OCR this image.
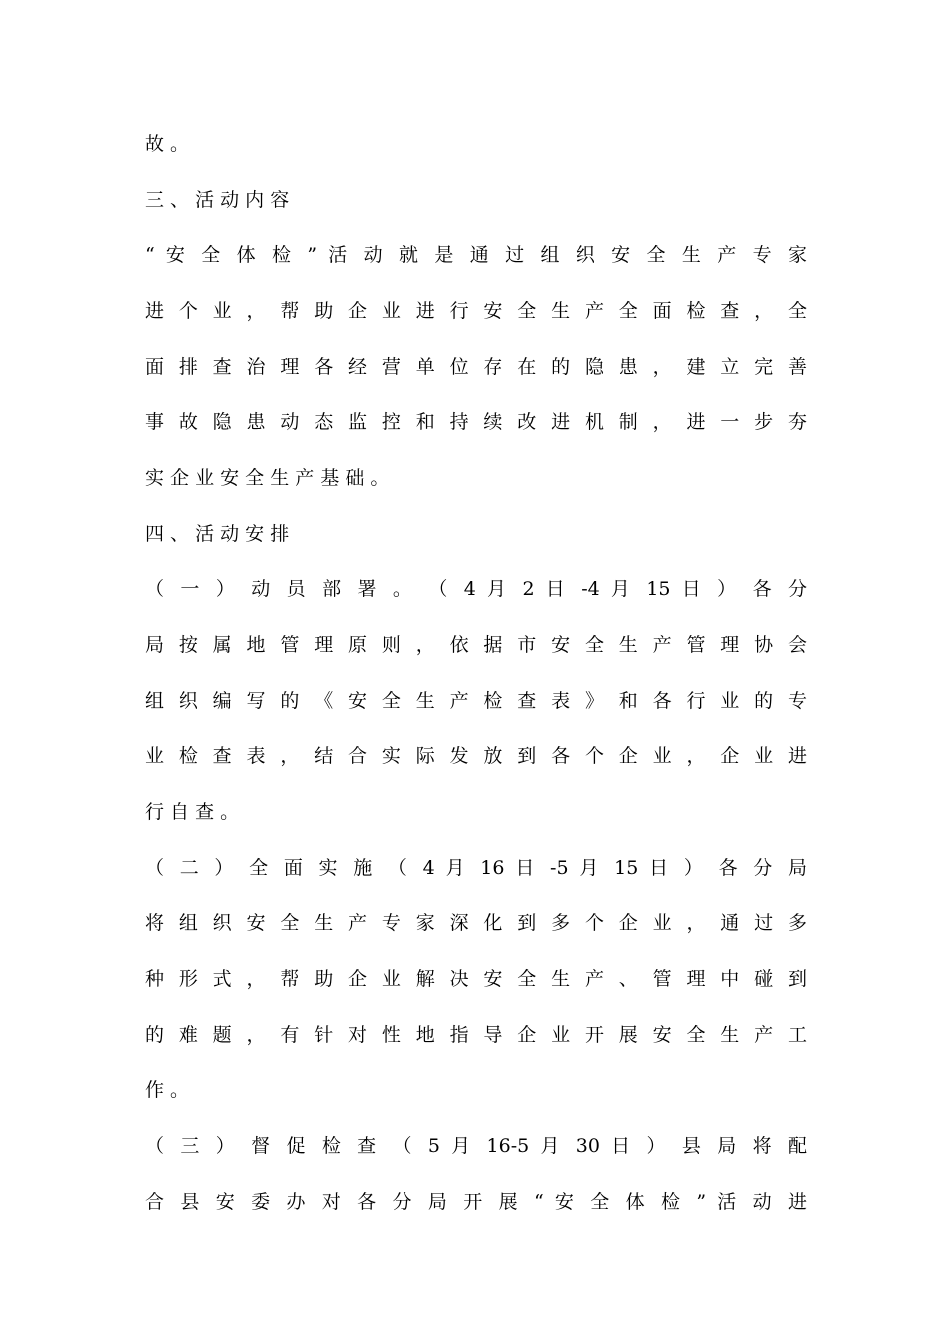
故 。
三 、 活 动 内 容
“ 安 全 体 检 ” 活 动 就 是 通 过 组 织 安 全 生 产 专 家
进 个 业 ， 帮 助 企 业 进 行 安 全 生 产 全 面 检 查 ， 全
面 排 查 治 理 各 经 营 单 位 存 在 的 隐 患 ， 建 立 完 善
事 故 隐 患 动 态 监 控 和 持 续 改 进 机 制 ， 进 一 步 夯
实 企 业 安 全 生 产 基 础 。
四 、 活 动 安 排
（ 一 ） 动 员 部 署 。 （ 4 月 2 日 -4 月 15 日 ） 各 分
局 按 属 地 管 理 原 则 ， 依 据 市 安 全 生 产 管 理 协 会
组 织 编 写 的 《 安 全 生 产 检 查 表 》 和 各 行 业 的 专
业 检 查 表 ， 结 合 实 际 发 放 到 各 个 企 业 ， 企 业 进
行 自 查 。
（ 二 ） 全 面 实 施 （ 4 月 16 日 -5 月 15 日 ） 各 分 局
将 组 织 安 全 生 产 专 家 深 化 到 多 个 企 业 ， 通 过 多
种 形 式 ， 帮 助 企 业 解 决 安 全 生 产 、 管 理 中 碰 到
的 难 题 ， 有 针 对 性 地 指 导 企 业 开 展 安 全 生 产 工
作 。
（ 三 ） 督 促 检 查 （ 5 月 16-5 月 30 日 ） 县 局 将 配
合 县 安 委 办 对 各 分 局 开 展 “ 安 全 体 检 ” 活 动 进
